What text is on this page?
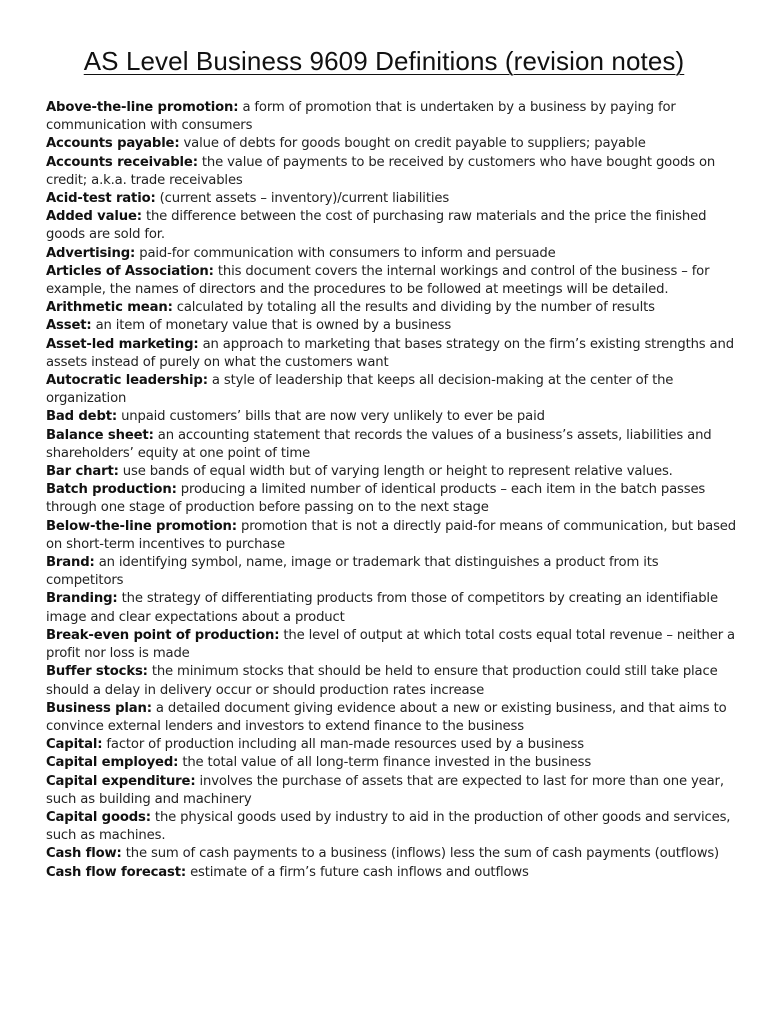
AS Level Business 9609 Definitions (revision notes)

Above-the-line promotion: a form of promotion that is undertaken by a business by paying for communication with consumers

Accounts payable: value of debts for goods bought on credit payable to suppliers; payable

Accounts receivable: the value of payments to be received by customers who have bought goods on credit; a.k.a. trade receivables

Acid-test ratio: (current assets – inventory)/current liabilities

Added value: the difference between the cost of purchasing raw materials and the price the finished goods are sold for.

Advertising: paid-for communication with consumers to inform and persuade

Articles of Association: this document covers the internal workings and control of the business – for example, the names of directors and the procedures to be followed at meetings will be detailed.

Arithmetic mean: calculated by totaling all the results and dividing by the number of results

Asset: an item of monetary value that is owned by a business

Asset-led marketing: an approach to marketing that bases strategy on the firm’s existing strengths and assets instead of purely on what the customers want

Autocratic leadership: a style of leadership that keeps all decision-making at the center of the organization

Bad debt: unpaid customers’ bills that are now very unlikely to ever be paid

Balance sheet: an accounting statement that records the values of a business’s assets, liabilities and shareholders’ equity at one point of time

Bar chart: use bands of equal width but of varying length or height to represent relative values.

Batch production: producing a limited number of identical products – each item in the batch passes through one stage of production before passing on to the next stage

Below-the-line promotion: promotion that is not a directly paid-for means of communication, but based on short-term incentives to purchase

Brand: an identifying symbol, name, image or trademark that distinguishes a product from its competitors

Branding: the strategy of differentiating products from those of competitors by creating an identifiable image and clear expectations about a product

Break-even point of production: the level of output at which total costs equal total revenue – neither a profit nor loss is made

Buffer stocks: the minimum stocks that should be held to ensure that production could still take place should a delay in delivery occur or should production rates increase

Business plan: a detailed document giving evidence about a new or existing business, and that aims to convince external lenders and investors to extend finance to the business

Capital: factor of production including all man-made resources used by a business

Capital employed: the total value of all long-term finance invested in the business

Capital expenditure: involves the purchase of assets that are expected to last for more than one year, such as building and machinery

Capital goods: the physical goods used by industry to aid in the production of other goods and services, such as machines.

Cash flow: the sum of cash payments to a business (inflows) less the sum of cash payments (outflows)

Cash flow forecast: estimate of a firm’s future cash inflows and outflows
